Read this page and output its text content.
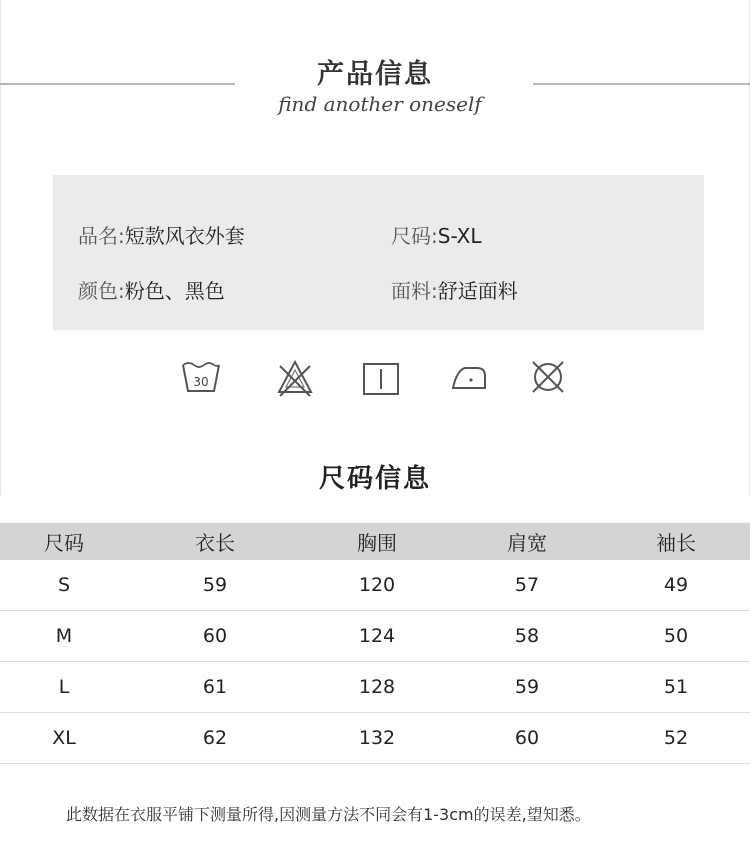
产品信息
find another oneself
品名:短款风衣外套	尺码:S-XL
颜色:粉色、黑色	面料:舒适面料
30
尺码信息
尺码	衣长	胸围	肩宽	袖长
S	59	120	57	49
M	60	124	58	50
L	61	128	59	51
XL	62	132	60	52
此数据在衣服平铺下测量所得,因测量方法不同会有1-3cm的误差,望知悉。
